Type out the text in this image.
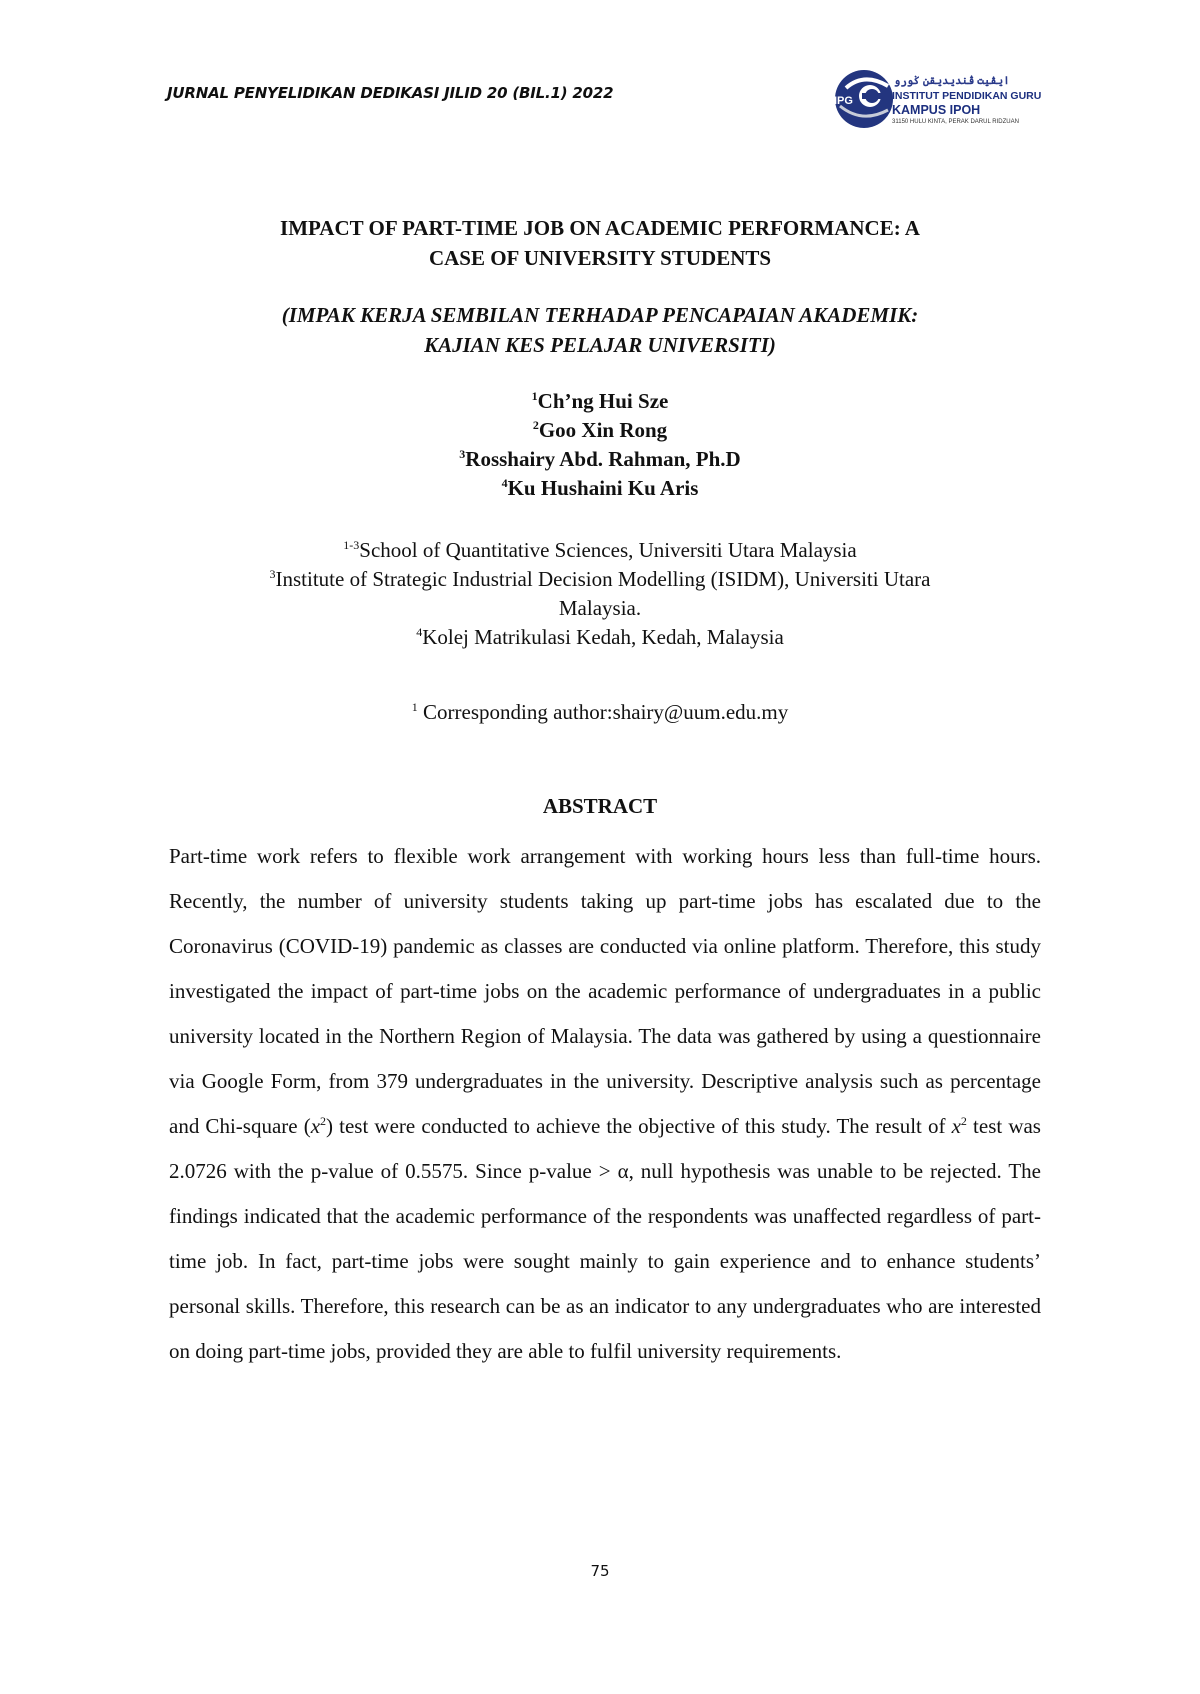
JURNAL PENYELIDIKAN DEDIKASI JILID 20 (BIL.1) 2022	IPG
ایڤيت ڤنديديقن ݢورو
INSTITUT PENDIDIKAN GURU
KAMPUS IPOH
31150 HULU KINTA, PERAK DARUL RIDZUAN
IMPACT OF PART-TIME JOB ON ACADEMIC PERFORMANCE: A
CASE OF UNIVERSITY STUDENTS
(IMPAK KERJA SEMBILAN TERHADAP PENCAPAIAN AKADEMIK:
KAJIAN KES PELAJAR UNIVERSITI)
$^1$Ch’ng Hui Sze
$^2$Goo Xin Rong
$^3$Rosshairy Abd. Rahman, Ph.D
$^4$Ku Hushaini Ku Aris
$^{1-3}$School of Quantitative Sciences, Universiti Utara Malaysia
$^3$Institute of Strategic Industrial Decision Modelling (ISIDM), Universiti Utara Malaysia.
$^4$Kolej Matrikulasi Kedah, Kedah, Malaysia
$^1$ Corresponding author:shairy@uum.edu.my
ABSTRACT

Part-time work refers to flexible work arrangement with working hours less than full-time hours. Recently, the number of university students taking up part-time jobs has escalated due to the Coronavirus (COVID-19) pandemic as classes are conducted via online platform. Therefore, this study investigated the impact of part-time jobs on the academic performance of undergraduates in a public university located in the Northern Region of Malaysia. The data was gathered by using a questionnaire via Google Form, from 379 undergraduates in the university. Descriptive analysis such as percentage and Chi-square $(x^2)$ test were conducted to achieve the objective of this study. The result of $x^2$ test was 2.0726 with the p-value of 0.5575. Since p-value > α, null hypothesis was unable to be rejected. The findings indicated that the academic performance of the respondents was unaffected regardless of part-time job. In fact, part-time jobs were sought mainly to gain experience and to enhance students’ personal skills. Therefore, this research can be as an indicator to any undergraduates who are interested on doing part-time jobs, provided they are able to fulfil university requirements.

75
